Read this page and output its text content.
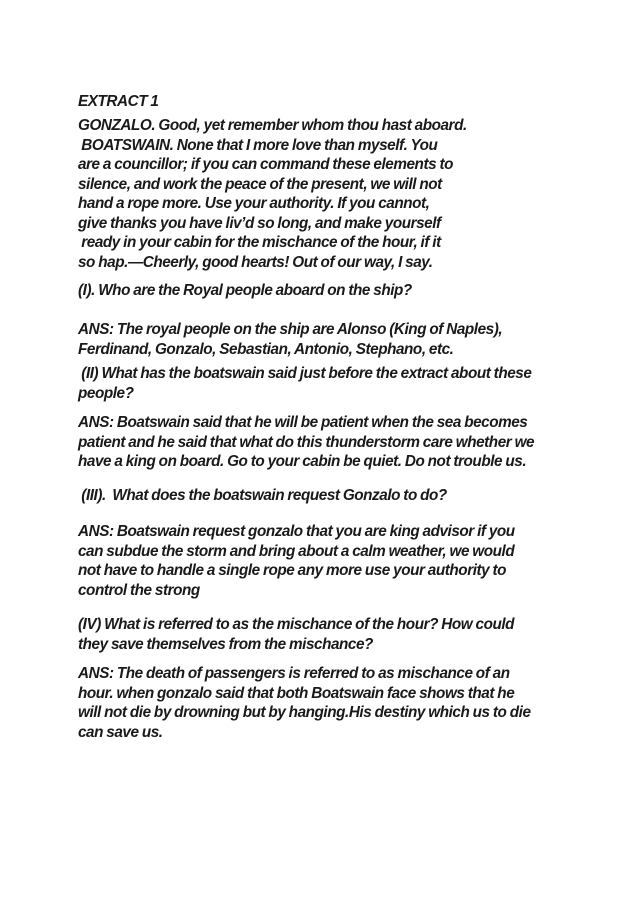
EXTRACT 1
GONZALO. Good, yet remember whom thou hast aboard.
BOATSWAIN. None that I more love than myself. You
are a councillor; if you can command these elements to
silence, and work the peace of the present, we will not
hand a rope more. Use your authority. If you cannot,
give thanks you have liv’d so long, and make yourself
ready in your cabin for the mischance of the hour, if it
so hap.—Cheerly, good hearts! Out of our way, I say.
(I). Who are the Royal people aboard on the ship?
ANS: The royal people on the ship are Alonso (King of Naples),
Ferdinand, Gonzalo, Sebastian, Antonio, Stephano, etc.
(II) What has the boatswain said just before the extract about these
people?
ANS: Boatswain said that he will be patient when the sea becomes
patient and he said that what do this thunderstorm care whether we
have a king on board. Go to your cabin be quiet. Do not trouble us.
(III).  What does the boatswain request Gonzalo to do?
ANS: Boatswain request gonzalo that you are king advisor if you
can subdue the storm and bring about a calm weather, we would
not have to handle a single rope any more use your authority to
control the strong
(IV) What is referred to as the mischance of the hour? How could
they save themselves from the mischance?
ANS: The death of passengers is referred to as mischance of an
hour. when gonzalo said that both Boatswain face shows that he
will not die by drowning but by hanging.His destiny which us to die
can save us.
